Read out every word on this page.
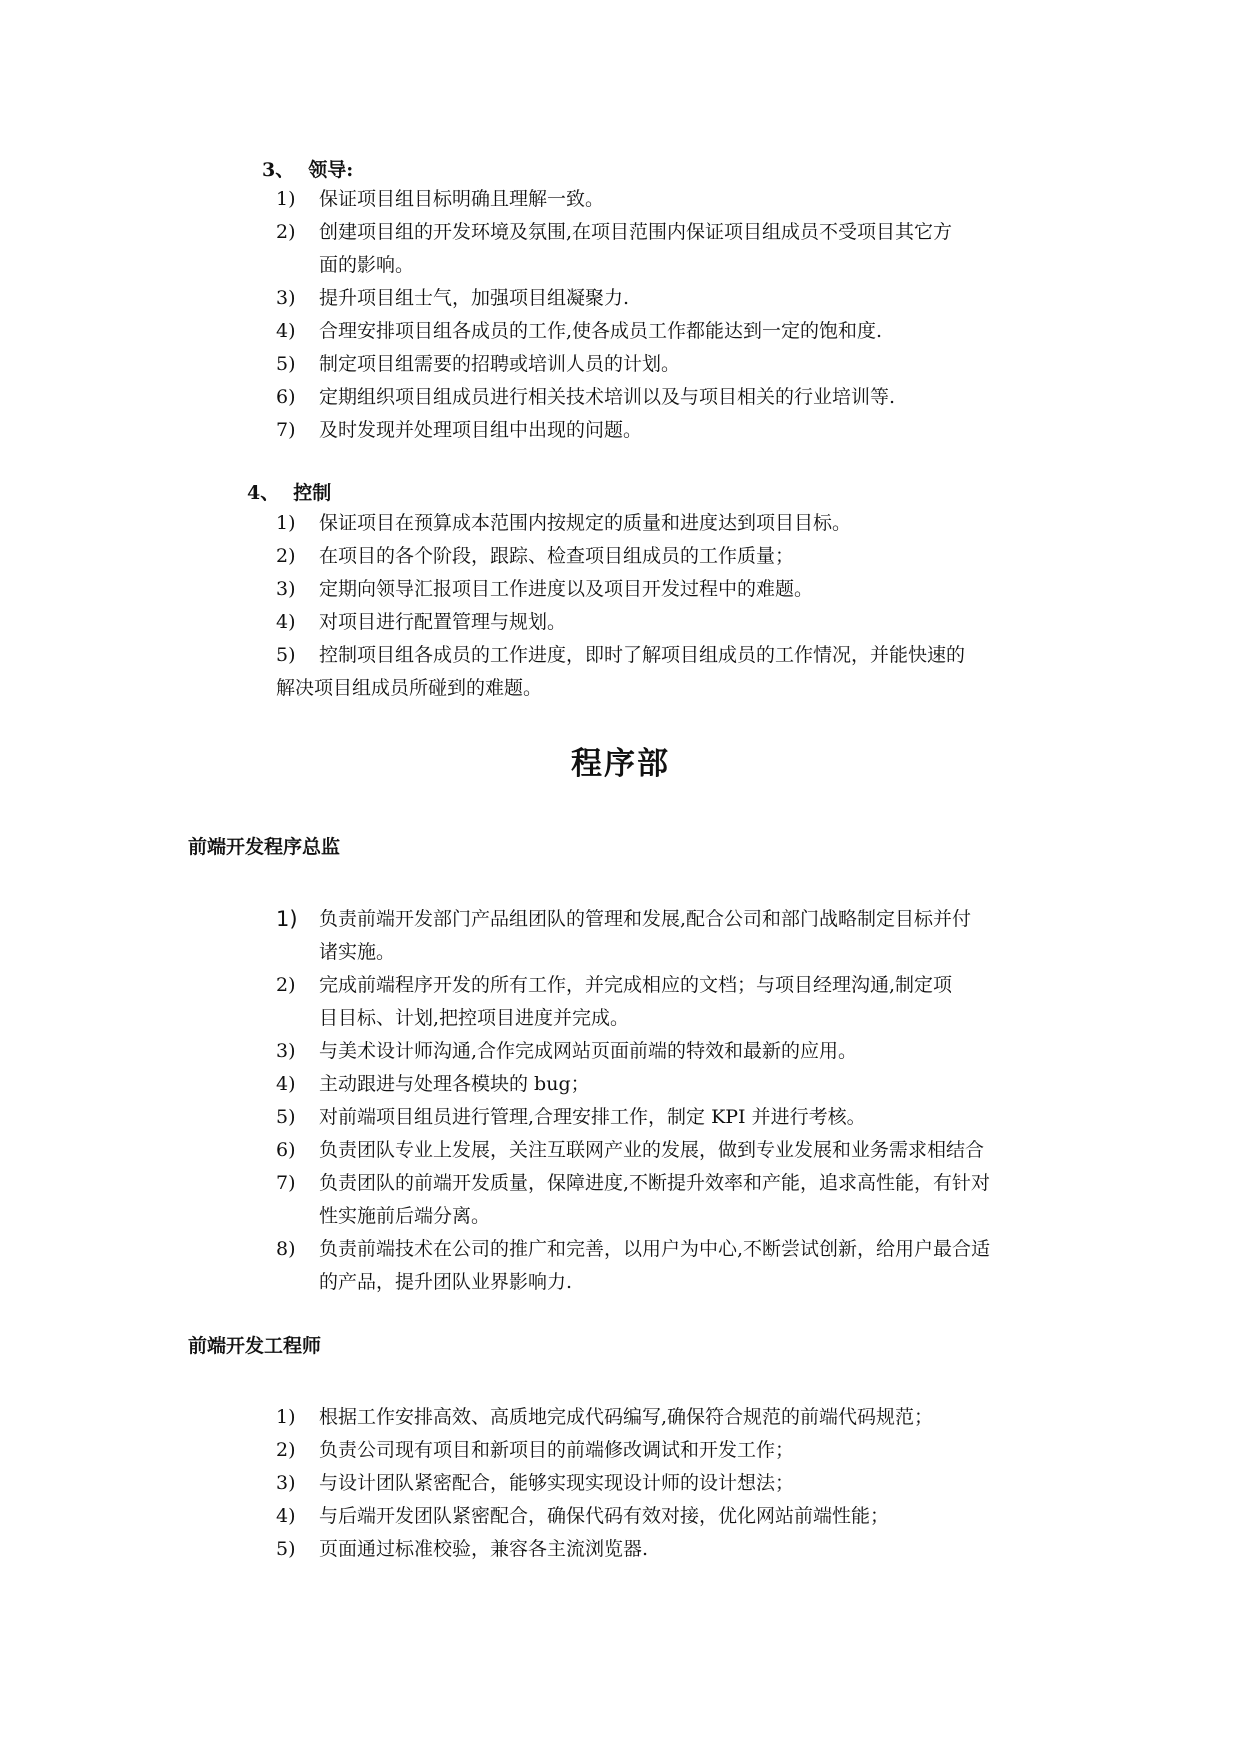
3、 领导:
1) 保证项目组目标明确且理解一致。
2) 创建项目组的开发环境及氛围,在项目范围内保证项目组成员不受项目其它方
面的影响。
3) 提升项目组士气，加强项目组凝聚力.
4) 合理安排项目组各成员的工作,使各成员工作都能达到一定的饱和度.
5) 制定项目组需要的招聘或培训人员的计划。
6) 定期组织项目组成员进行相关技术培训以及与项目相关的行业培训等.
7) 及时发现并处理项目组中出现的问题。
4、 控制
1) 保证项目在预算成本范围内按规定的质量和进度达到项目目标。
2) 在项目的各个阶段，跟踪、检查项目组成员的工作质量；
3) 定期向领导汇报项目工作进度以及项目开发过程中的难题。
4) 对项目进行配置管理与规划。
5) 控制项目组各成员的工作进度，即时了解项目组成员的工作情况，并能快速的
解决项目组成员所碰到的难题。
程序部
前端开发程序总监
1) 负责前端开发部门产品组团队的管理和发展,配合公司和部门战略制定目标并付
诸实施。
2) 完成前端程序开发的所有工作，并完成相应的文档；与项目经理沟通,制定项
目目标、计划,把控项目进度并完成。
3) 与美术设计师沟通,合作完成网站页面前端的特效和最新的应用。
4) 主动跟进与处理各模块的 bug；
5) 对前端项目组员进行管理,合理安排工作，制定 KPI 并进行考核。
6) 负责团队专业上发展，关注互联网产业的发展，做到专业发展和业务需求相结合
7) 负责团队的前端开发质量，保障进度,不断提升效率和产能，追求高性能，有针对
性实施前后端分离。
8) 负责前端技术在公司的推广和完善，以用户为中心,不断尝试创新，给用户最合适
的产品，提升团队业界影响力.
前端开发工程师
1) 根据工作安排高效、高质地完成代码编写,确保符合规范的前端代码规范；
2) 负责公司现有项目和新项目的前端修改调试和开发工作；
3) 与设计团队紧密配合，能够实现实现设计师的设计想法；
4) 与后端开发团队紧密配合，确保代码有效对接，优化网站前端性能；
5) 页面通过标准校验，兼容各主流浏览器.
